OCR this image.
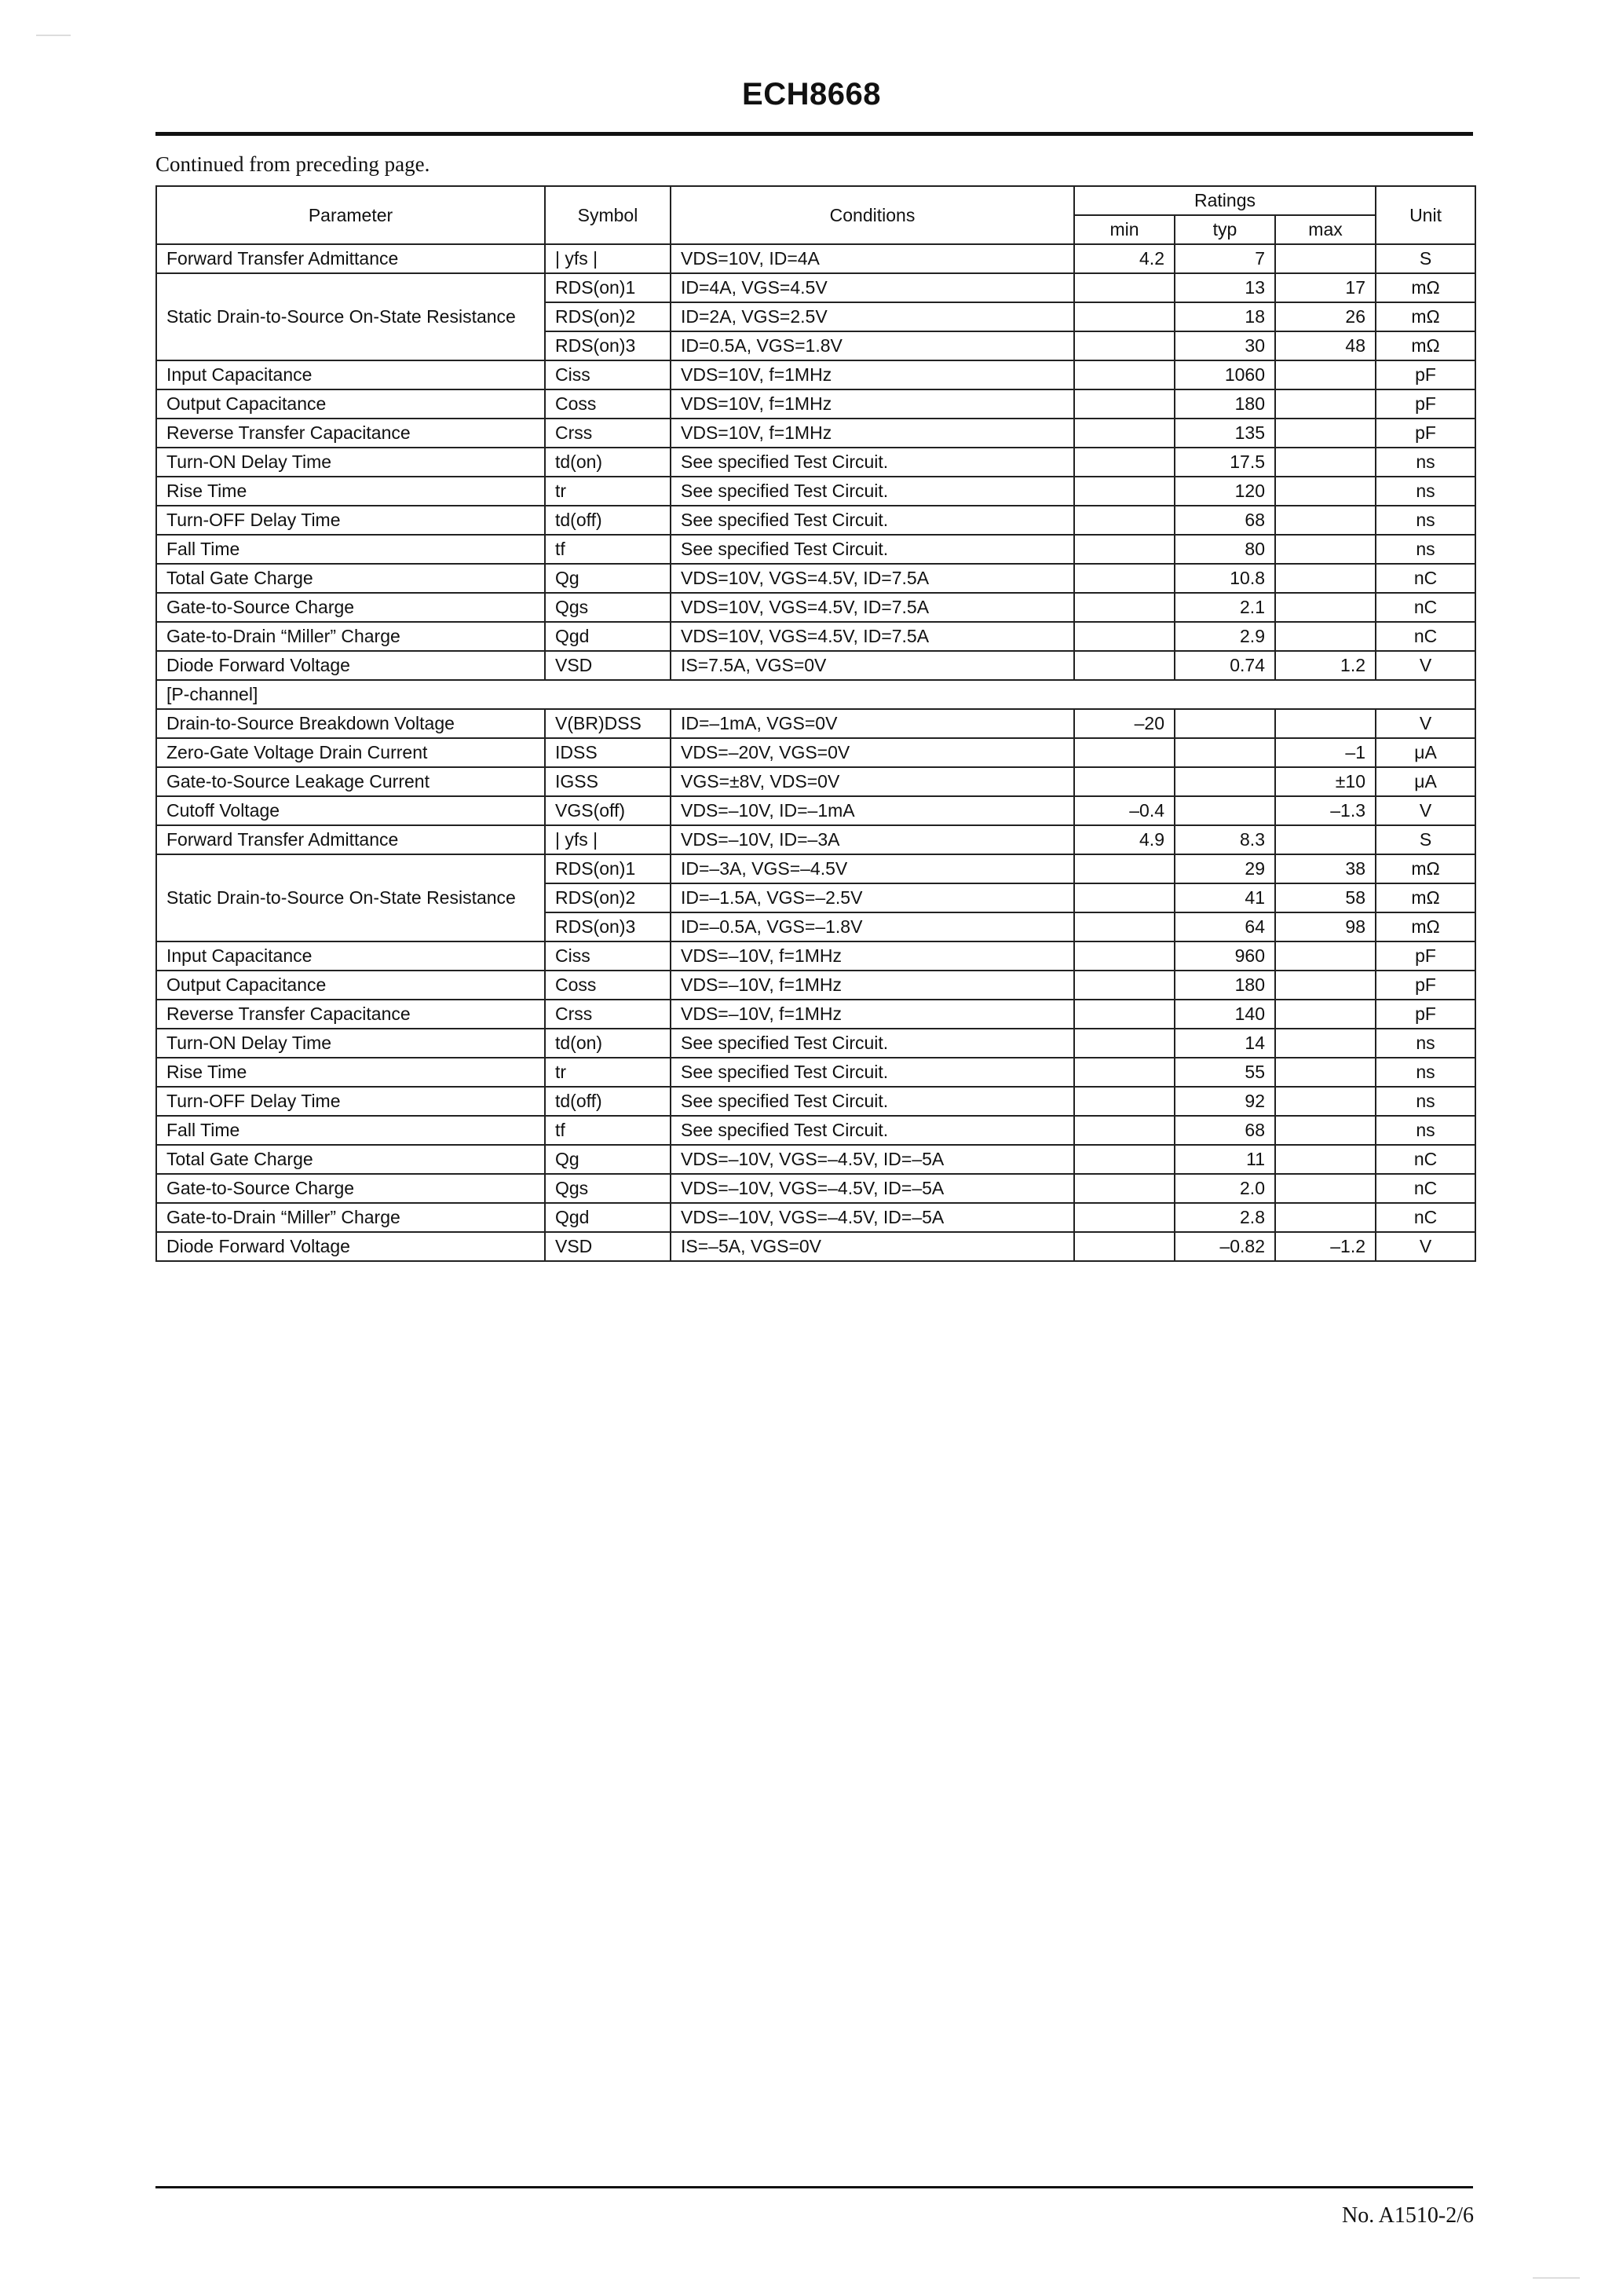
ECH8668
Continued from preceding page.
Parameter	Symbol	Conditions	Ratings			Unit
			min	typ	max	
Forward Transfer Admittance	| yfs |	VDS=10V, ID=4A	4.2	7		S
Static Drain-to-Source On-State Resistance	RDS(on)1	ID=4A, VGS=4.5V		13	17	mΩ
	RDS(on)2	ID=2A, VGS=2.5V		18	26	mΩ
	RDS(on)3	ID=0.5A, VGS=1.8V		30	48	mΩ
Input Capacitance	Ciss	VDS=10V, f=1MHz		1060		pF
Output Capacitance	Coss	VDS=10V, f=1MHz		180		pF
Reverse Transfer Capacitance	Crss	VDS=10V, f=1MHz		135		pF
Turn-ON Delay Time	td(on)	See specified Test Circuit.		17.5		ns
Rise Time	tr	See specified Test Circuit.		120		ns
Turn-OFF Delay Time	td(off)	See specified Test Circuit.		68		ns
Fall Time	tf	See specified Test Circuit.		80		ns
Total Gate Charge	Qg	VDS=10V, VGS=4.5V, ID=7.5A		10.8		nC
Gate-to-Source Charge	Qgs	VDS=10V, VGS=4.5V, ID=7.5A		2.1		nC
Gate-to-Drain “Miller” Charge	Qgd	VDS=10V, VGS=4.5V, ID=7.5A		2.9		nC
Diode Forward Voltage	VSD	IS=7.5A, VGS=0V		0.74	1.2	V
[P-channel]						
Drain-to-Source Breakdown Voltage	V(BR)DSS	ID=–1mA, VGS=0V	–20			V
Zero-Gate Voltage Drain Current	IDSS	VDS=–20V, VGS=0V			–1	μA
Gate-to-Source Leakage Current	IGSS	VGS=±8V, VDS=0V			±10	μA
Cutoff Voltage	VGS(off)	VDS=–10V, ID=–1mA	–0.4		–1.3	V
Forward Transfer Admittance	| yfs |	VDS=–10V, ID=–3A	4.9	8.3		S
Static Drain-to-Source On-State Resistance	RDS(on)1	ID=–3A, VGS=–4.5V		29	38	mΩ
	RDS(on)2	ID=–1.5A, VGS=–2.5V		41	58	mΩ
	RDS(on)3	ID=–0.5A, VGS=–1.8V		64	98	mΩ
Input Capacitance	Ciss	VDS=–10V, f=1MHz		960		pF
Output Capacitance	Coss	VDS=–10V, f=1MHz		180		pF
Reverse Transfer Capacitance	Crss	VDS=–10V, f=1MHz		140		pF
Turn-ON Delay Time	td(on)	See specified Test Circuit.		14		ns
Rise Time	tr	See specified Test Circuit.		55		ns
Turn-OFF Delay Time	td(off)	See specified Test Circuit.		92		ns
Fall Time	tf	See specified Test Circuit.		68		ns
Total Gate Charge	Qg	VDS=–10V, VGS=–4.5V, ID=–5A		11		nC
Gate-to-Source Charge	Qgs	VDS=–10V, VGS=–4.5V, ID=–5A		2.0		nC
Gate-to-Drain “Miller” Charge	Qgd	VDS=–10V, VGS=–4.5V, ID=–5A		2.8		nC
Diode Forward Voltage	VSD	IS=–5A, VGS=0V		–0.82	–1.2	V
No. A1510-2/6
